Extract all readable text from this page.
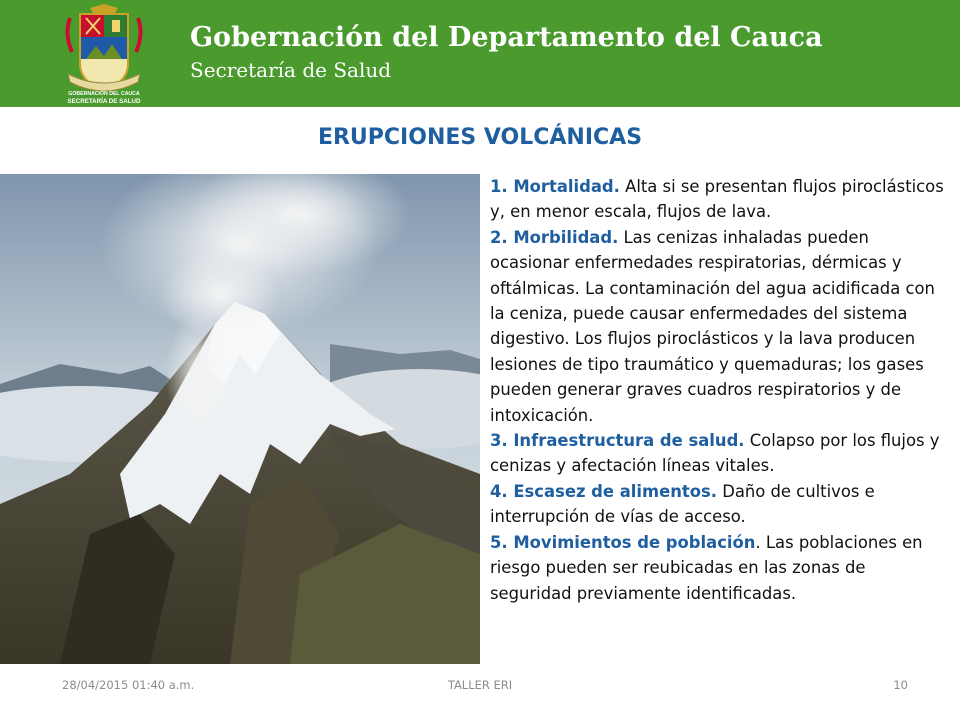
GOBERNACIÓN DEL CAUCA
SECRETARÍA DE SALUD
Gobernación del Departamento del Cauca
Secretaría de Salud
ERUPCIONES VOLCÁNICAS

1. Mortalidad. Alta si se presentan flujos piroclásticos y, en menor escala, flujos de lava.

2. Morbilidad. Las cenizas inhaladas pueden ocasionar enfermedades respiratorias, dérmicas y oftálmicas. La contaminación del agua acidificada con la ceniza, puede causar enfermedades del sistema digestivo. Los flujos piroclásticos y la lava producen lesiones de tipo traumático y quemaduras; los gases pueden generar graves cuadros respiratorios y de intoxicación.

3. Infraestructura de salud. Colapso por los flujos y cenizas y afectación líneas vitales.

4. Escasez de alimentos. Daño de cultivos e interrupción de vías de acceso.

5. Movimientos de población. Las poblaciones en riesgo pueden ser reubicadas en las zonas de seguridad previamente identificadas.

28/04/2015 01:40 a.m.	TALLER ERI	10
